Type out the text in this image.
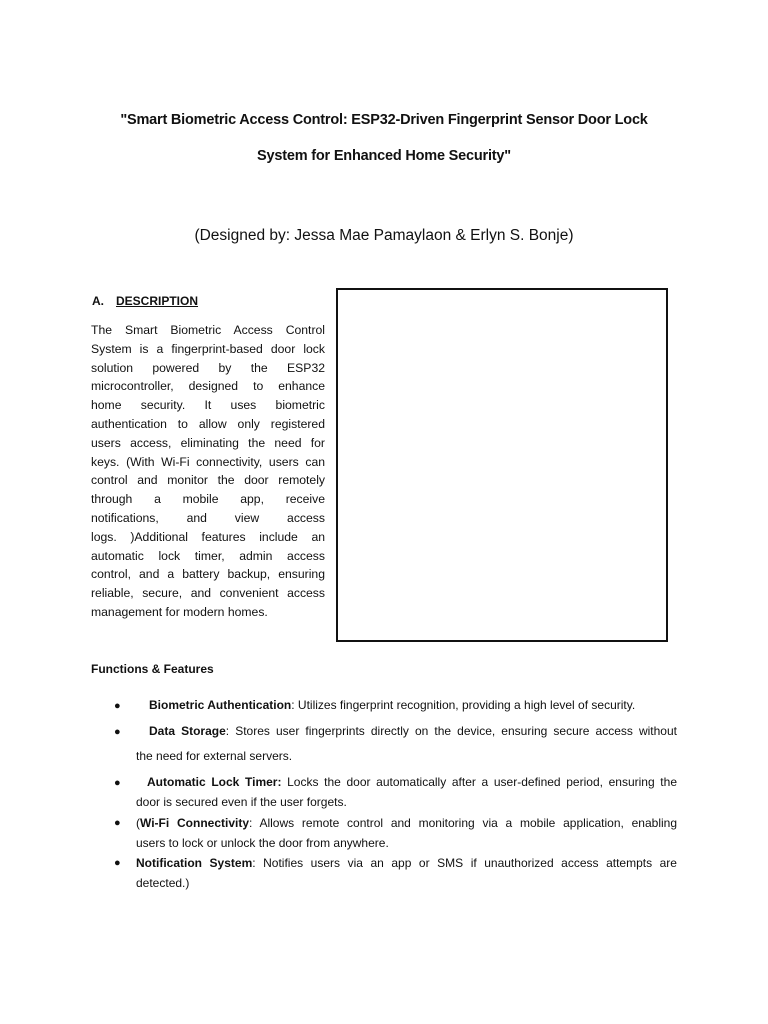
"Smart Biometric Access Control: ESP32-Driven Fingerprint Sensor Door Lock
System for Enhanced Home Security"
(Designed by: Jessa Mae Pamaylaon & Erlyn S. Bonje)
A. DESCRIPTION
The Smart Biometric Access Control
System is a fingerprint-based door lock
solution powered by the ESP32
microcontroller, designed to enhance
home security. It uses biometric
authentication to allow only registered
users access, eliminating the need for
keys. (With Wi-Fi connectivity, users can
control and monitor the door remotely
through a mobile app, receive
notifications, and view access
logs. )Additional features include an
automatic lock timer, admin access
control, and a battery backup, ensuring
reliable, secure, and convenient access
management for modern homes.
Functions & Features
● Biometric Authentication: Utilizes fingerprint recognition, providing a high level of security.
● Data Storage: Stores user fingerprints directly on the device, ensuring secure access without
the need for external servers.
● Automatic Lock Timer: Locks the door automatically after a user-defined period, ensuring the
door is secured even if the user forgets.
● (Wi-Fi Connectivity: Allows remote control and monitoring via a mobile application, enabling
users to lock or unlock the door from anywhere.
● Notification System: Notifies users via an app or SMS if unauthorized access attempts are
detected.)
